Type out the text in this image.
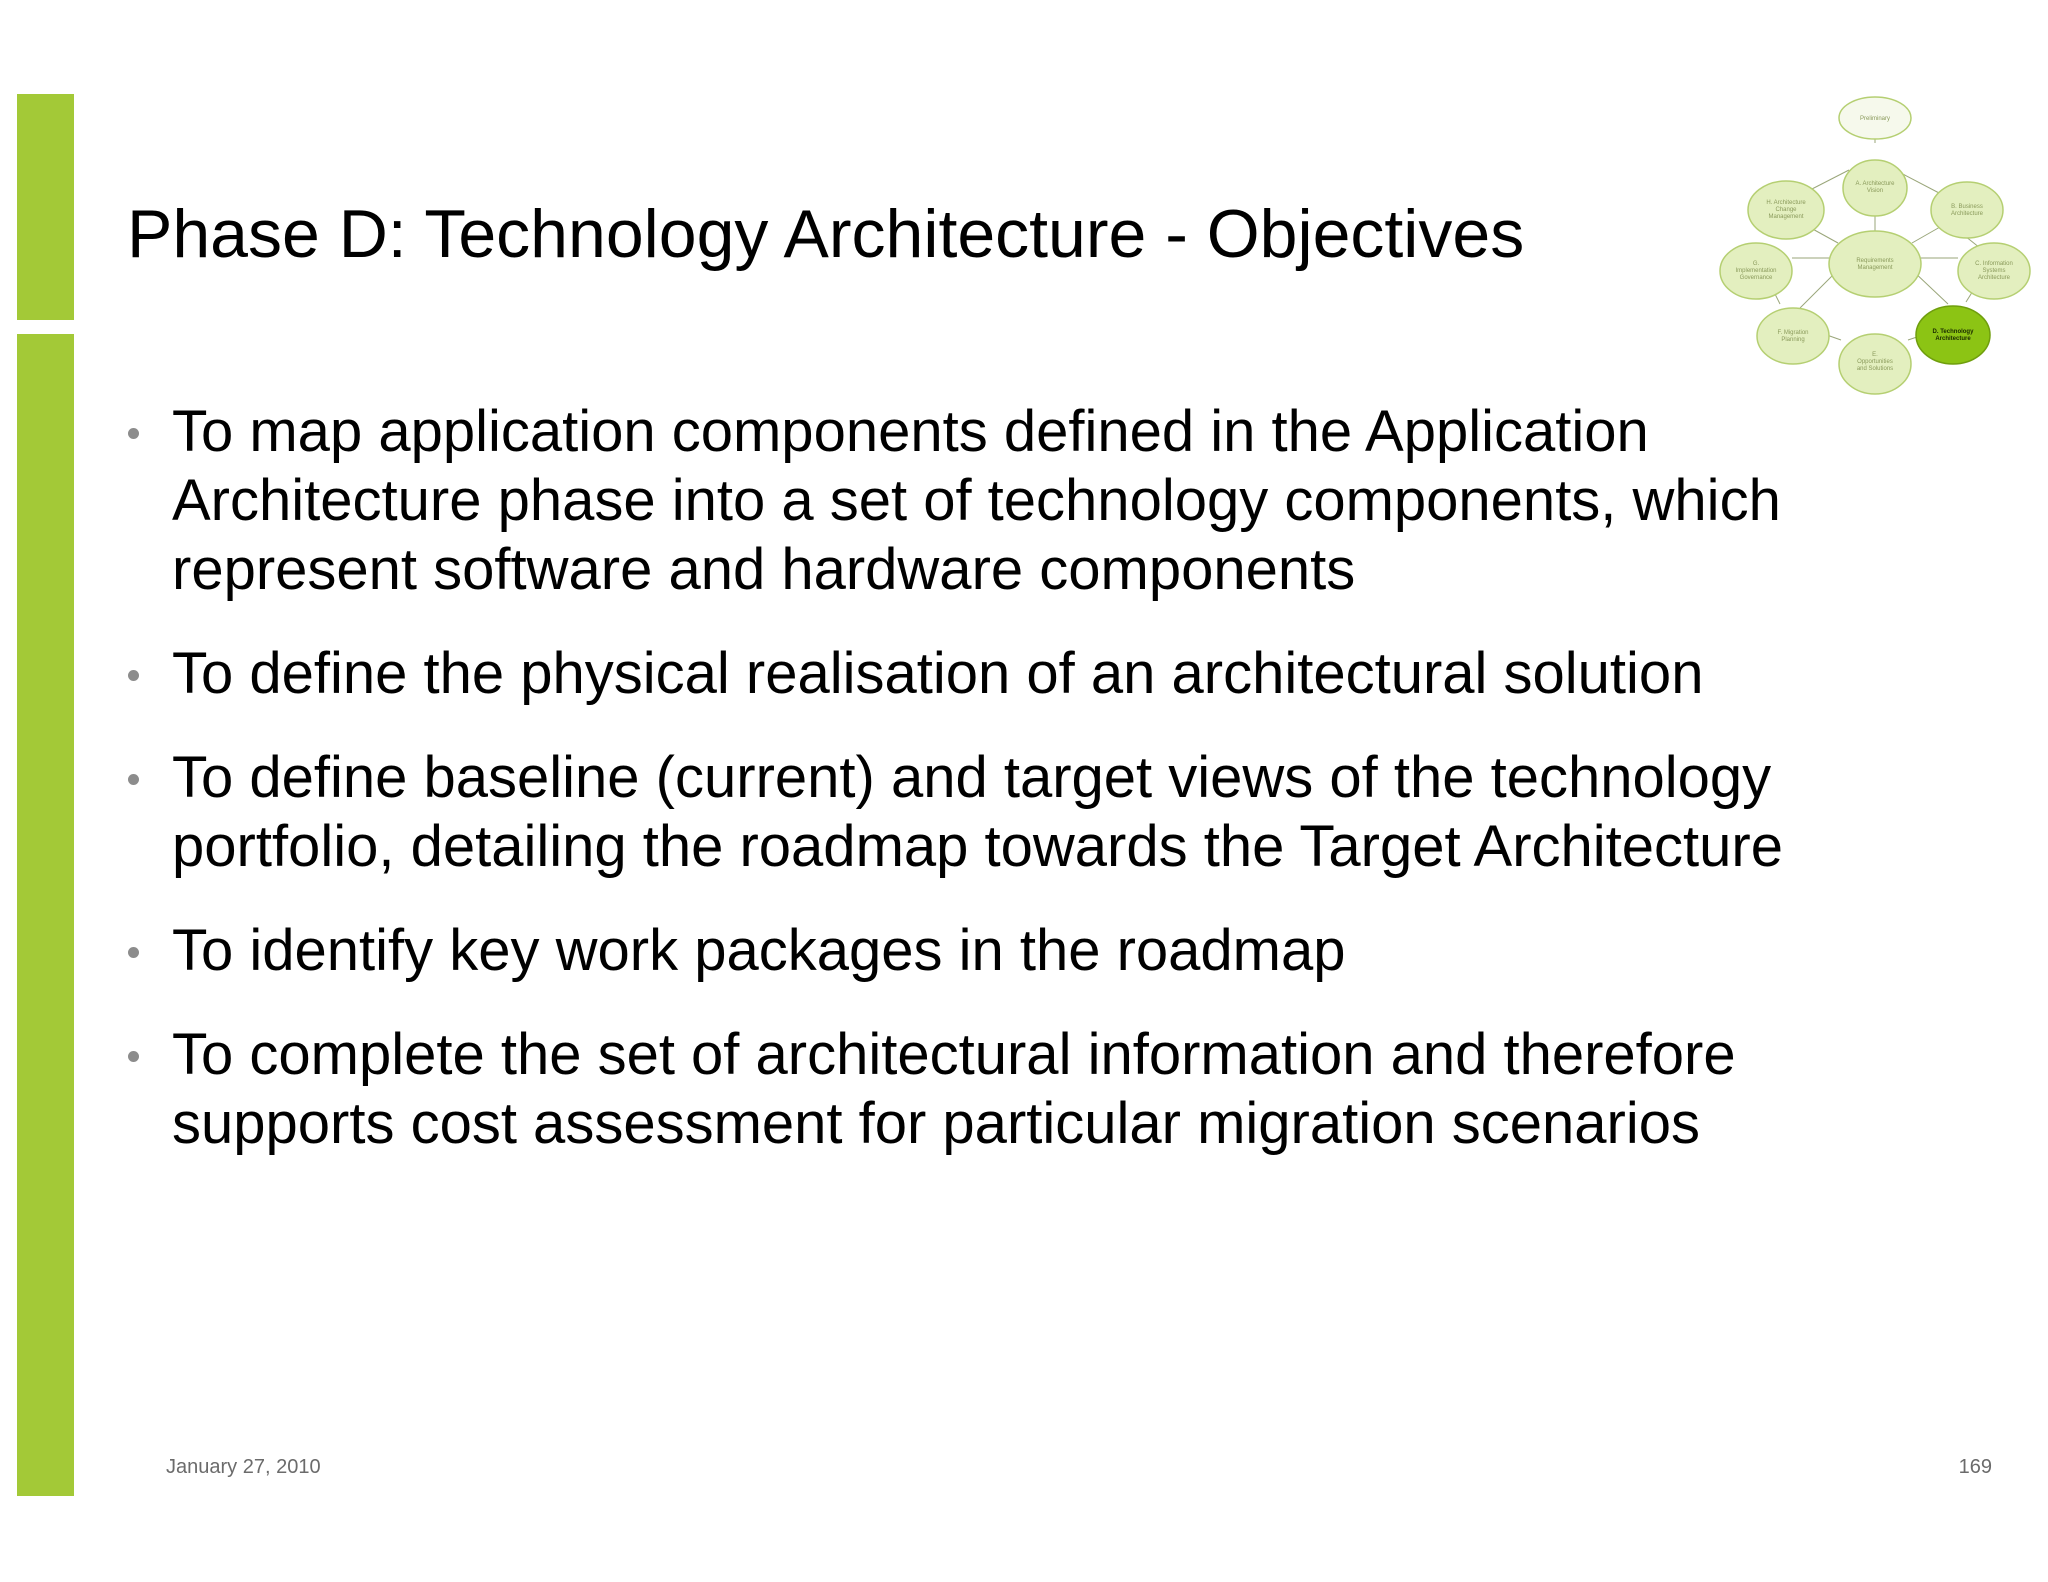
Phase D: Technology Architecture - Objectives
Preliminary
A. Architecture
Vision
B. Business
Architecture
C. Information
Systems
Architecture
D. Technology
Architecture
E.
Opportunities
and Solutions
F. Migration
Planning
G.
Implementation
Governance
H. Architecture
Change
Management
Requirements
Management
To map application components defined in the Application Architecture phase into a set of technology components, which represent software and hardware components
To define the physical realisation of an architectural solution
To define baseline (current) and target views of the technology portfolio, detailing the roadmap towards the Target Architecture
To identify key work packages in the roadmap
To complete the set of architectural information and therefore supports cost assessment for particular migration scenarios
January 27, 2010	169
